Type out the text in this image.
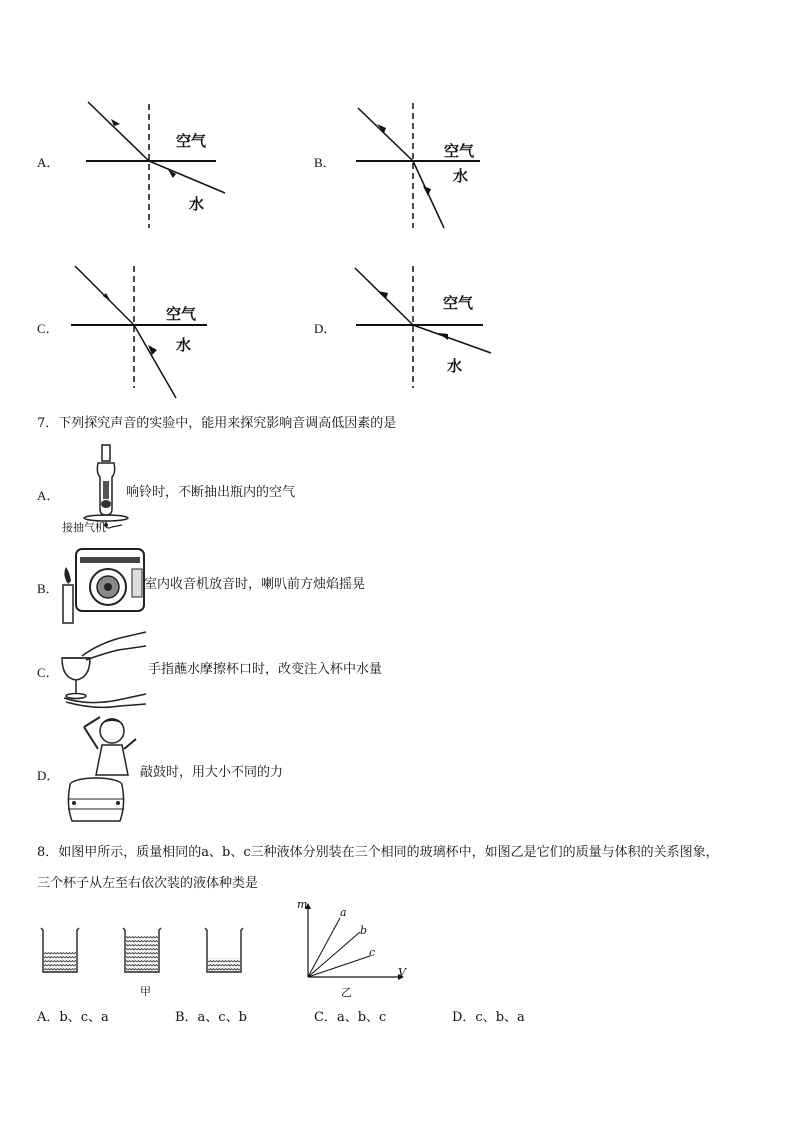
A．
空气
水
B．
空气
水
C．
空气
水
D．
空气
水
7．下列探究声音的实验中，能用来探究影响音调高低因素的是
A．
接抽气机
响铃时，不断抽出瓶内的空气
B．	室内收音机放音时，喇叭前方烛焰摇晃
C．	手指蘸水摩擦杯口时，改变注入杯中水量
D．	敲鼓时，用大小不同的力
8．如图甲所示，质量相同的a、b、c三种液体分别装在三个相同的玻璃杯中，如图乙是它们的质量与体积的关系图象，
三个杯子从左至右依次装的液体种类是
甲
m
V
a
b
c
乙
A．b、c、a	B．a、c、b	C．a、b、c	D．c、b、a
